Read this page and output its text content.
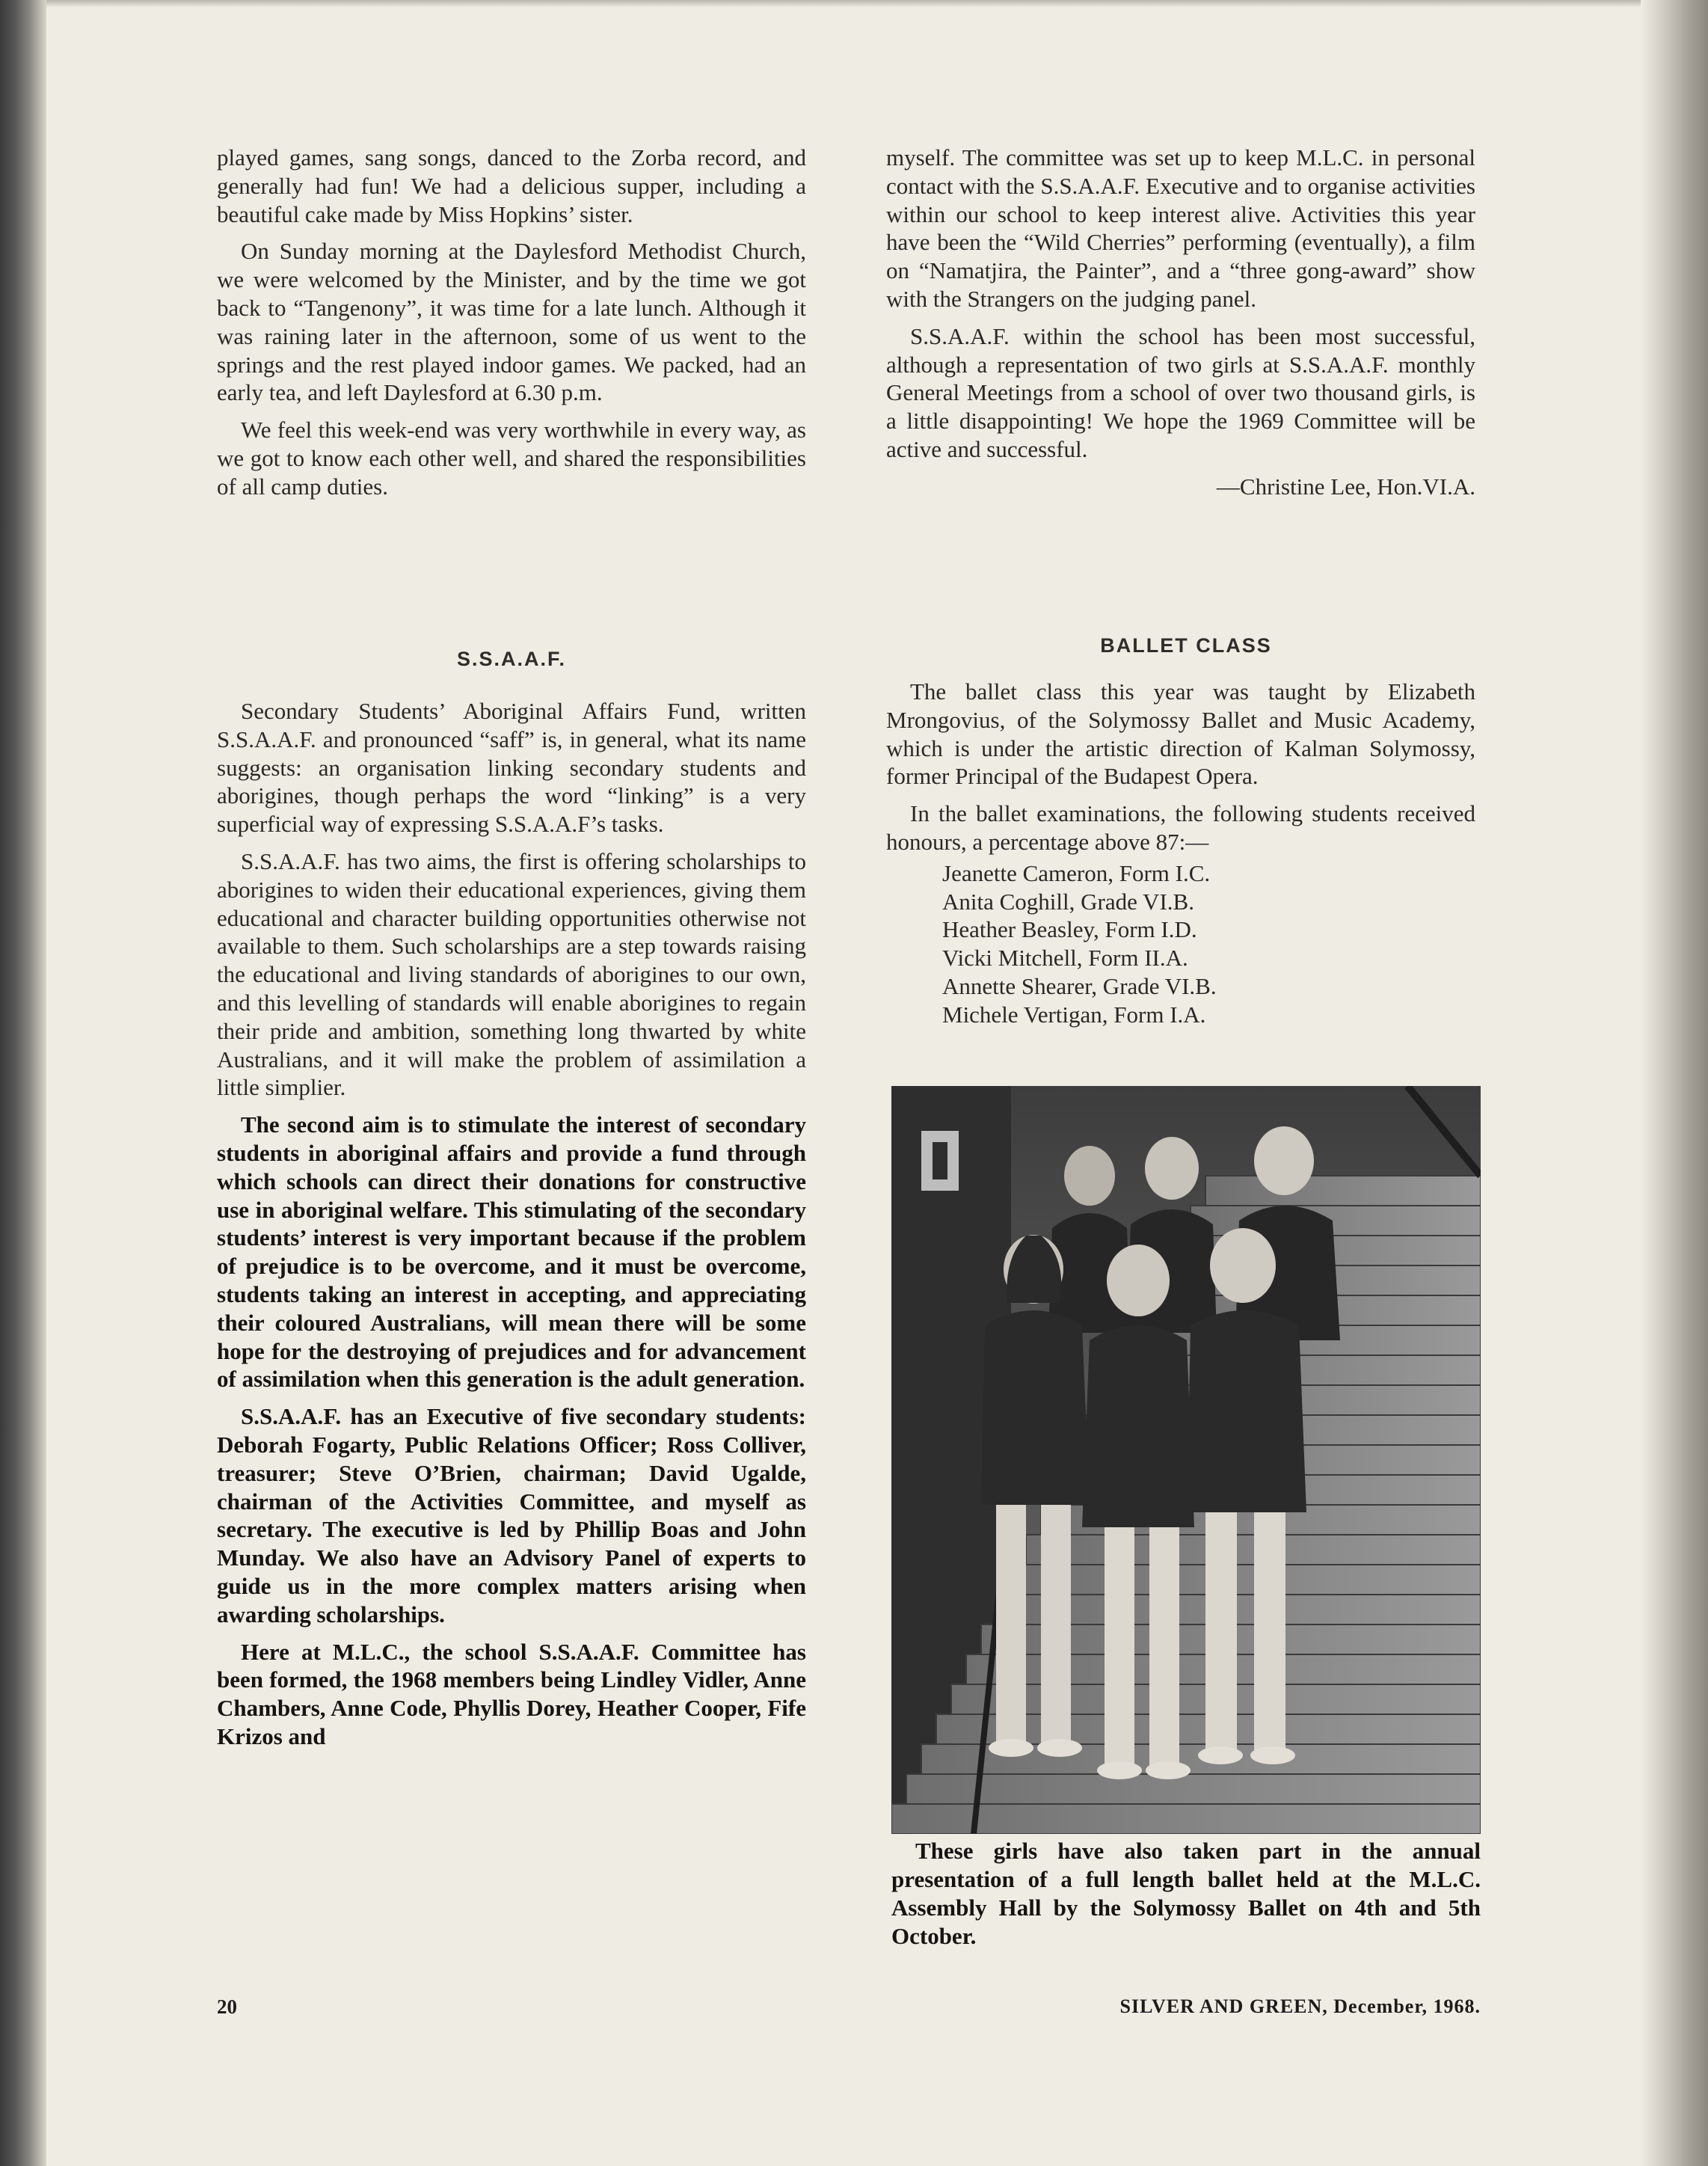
played games, sang songs, danced to the Zorba record, and generally had fun! We had a delicious supper, including a beautiful cake made by Miss Hopkins’ sister.

On Sunday morning at the Daylesford Methodist Church, we were welcomed by the Minister, and by the time we got back to “Tangenony”, it was time for a late lunch. Although it was raining later in the afternoon, some of us went to the springs and the rest played indoor games. We packed, had an early tea, and left Daylesford at 6.30 p.m.

We feel this week-end was very worthwhile in every way, as we got to know each other well, and shared the responsibilities of all camp duties.

S.S.A.A.F.

Secondary Students’ Aboriginal Affairs Fund, written S.S.A.A.F. and pronounced “saff” is, in general, what its name suggests: an organisation linking secondary students and aborigines, though perhaps the word “linking” is a very superficial way of expressing S.S.A.A.F’s tasks.

S.S.A.A.F. has two aims, the first is offering scholarships to aborigines to widen their educational experiences, giving them educational and character building opportunities otherwise not available to them. Such scholarships are a step towards raising the educational and living standards of aborigines to our own, and this levelling of standards will enable aborigines to regain their pride and ambition, something long thwarted by white Australians, and it will make the problem of assimilation a little simplier.

The second aim is to stimulate the interest of secondary students in aboriginal affairs and provide a fund through which schools can direct their donations for constructive use in aboriginal welfare. This stimulating of the secondary students’ interest is very important because if the problem of prejudice is to be overcome, and it must be overcome, students taking an interest in accepting, and appreciating their coloured Australians, will mean there will be some hope for the destroying of prejudices and for advancement of assimilation when this generation is the adult generation.

S.S.A.A.F. has an Executive of five secondary students: Deborah Fogarty, Public Relations Officer; Ross Colliver, treasurer; Steve O’Brien, chairman; David Ugalde, chairman of the Activities Committee, and myself as secretary. The executive is led by Phillip Boas and John Munday. We also have an Advisory Panel of experts to guide us in the more complex matters arising when awarding scholarships.

Here at M.L.C., the school S.S.A.A.F. Committee has been formed, the 1968 members being Lindley Vidler, Anne Chambers, Anne Code, Phyllis Dorey, Heather Cooper, Fife Krizos and

myself. The committee was set up to keep M.L.C. in personal contact with the S.S.A.A.F. Executive and to organise activities within our school to keep interest alive. Activities this year have been the “Wild Cherries” performing (eventually), a film on “Namatjira, the Painter”, and a “three gong-award” show with the Strangers on the judging panel.

S.S.A.A.F. within the school has been most successful, although a representation of two girls at S.S.A.A.F. monthly General Meetings from a school of over two thousand girls, is a little disappointing! We hope the 1969 Committee will be active and successful.

—Christine Lee, Hon.VI.A.

BALLET CLASS

The ballet class this year was taught by Elizabeth Mrongovius, of the Solymossy Ballet and Music Academy, which is under the artistic direction of Kalman Solymossy, former Principal of the Budapest Opera.

In the ballet examinations, the following students received honours, a percentage above 87:—

Jeanette Cameron, Form I.C.
Anita Coghill, Grade VI.B.
Heather Beasley, Form I.D.
Vicki Mitchell, Form II.A.
Annette Shearer, Grade VI.B.
Michele Vertigan, Form I.A.

These girls have also taken part in the annual presentation of a full length ballet held at the M.L.C. Assembly Hall by the Solymossy Ballet on 4th and 5th October.

20	SILVER AND GREEN, December, 1968.
